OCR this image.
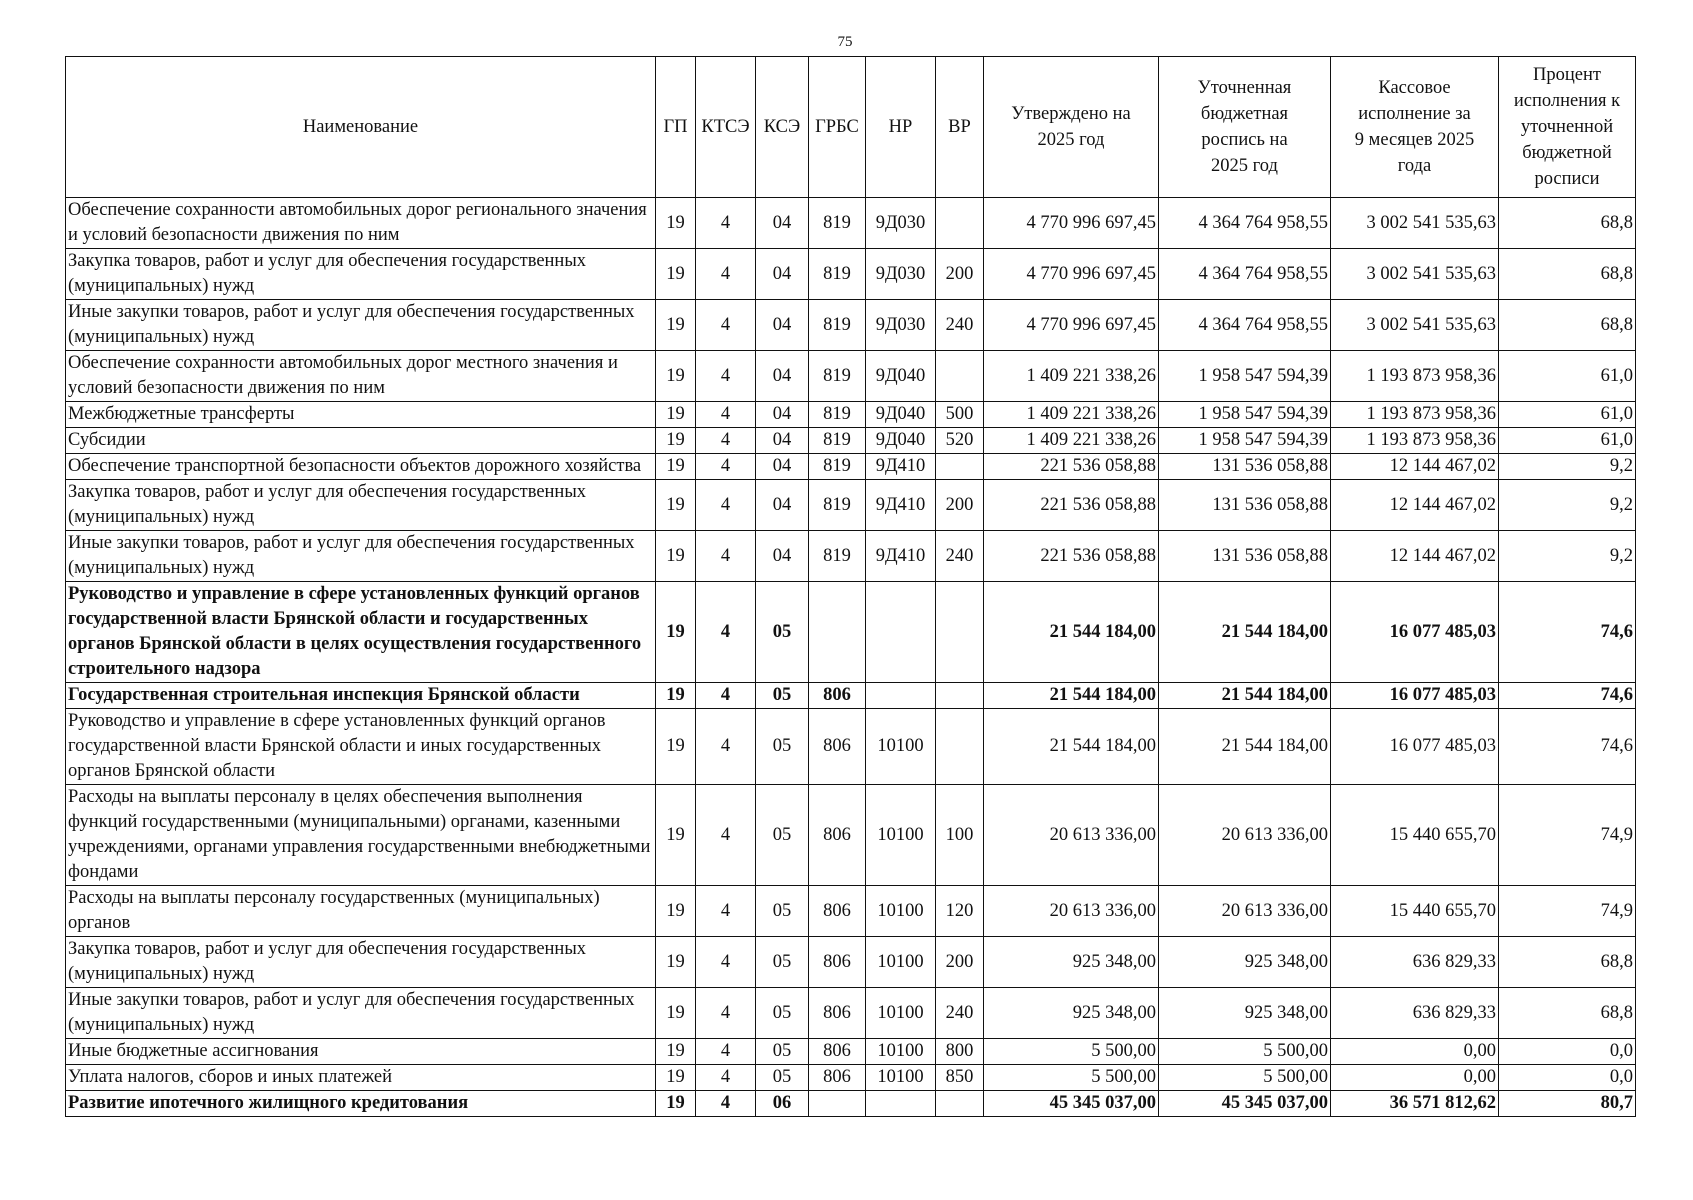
75
Наименование	ГП	КТСЭ	КСЭ	ГРБС	НР	ВР	Утверждено на 2025 год	Уточненная бюджетная роспись на 2025 год	Кассовое исполнение за 9 месяцев 2025 года	Процент исполнения к уточненной бюджетной росписи
Обеспечение сохранности автомобильных дорог регионального значения и условий безопасности движения по ним	19	4	04	819	9Д030		4 770 996 697,45	4 364 764 958,55	3 002 541 535,63	68,8
Закупка товаров, работ и услуг для обеспечения государственных (муниципальных) нужд	19	4	04	819	9Д030	200	4 770 996 697,45	4 364 764 958,55	3 002 541 535,63	68,8
Иные закупки товаров, работ и услуг для обеспечения государственных (муниципальных) нужд	19	4	04	819	9Д030	240	4 770 996 697,45	4 364 764 958,55	3 002 541 535,63	68,8
Обеспечение сохранности автомобильных дорог местного значения и условий безопасности движения по ним	19	4	04	819	9Д040		1 409 221 338,26	1 958 547 594,39	1 193 873 958,36	61,0
Межбюджетные трансферты	19	4	04	819	9Д040	500	1 409 221 338,26	1 958 547 594,39	1 193 873 958,36	61,0
Субсидии	19	4	04	819	9Д040	520	1 409 221 338,26	1 958 547 594,39	1 193 873 958,36	61,0
Обеспечение транспортной безопасности объектов дорожного хозяйства	19	4	04	819	9Д410		221 536 058,88	131 536 058,88	12 144 467,02	9,2
Закупка товаров, работ и услуг для обеспечения государственных (муниципальных) нужд	19	4	04	819	9Д410	200	221 536 058,88	131 536 058,88	12 144 467,02	9,2
Иные закупки товаров, работ и услуг для обеспечения государственных (муниципальных) нужд	19	4	04	819	9Д410	240	221 536 058,88	131 536 058,88	12 144 467,02	9,2
Руководство и управление в сфере установленных функций органов государственной власти Брянской области и государственных органов Брянской области в целях осуществления государственного строительного надзора	19	4	05				21 544 184,00	21 544 184,00	16 077 485,03	74,6
Государственная строительная инспекция Брянской области	19	4	05	806			21 544 184,00	21 544 184,00	16 077 485,03	74,6
Руководство и управление в сфере установленных функций органов государственной власти Брянской области и иных государственных органов Брянской области	19	4	05	806	10100		21 544 184,00	21 544 184,00	16 077 485,03	74,6
Расходы на выплаты персоналу в целях обеспечения выполнения функций государственными (муниципальными) органами, казенными учреждениями, органами управления государственными внебюджетными фондами	19	4	05	806	10100	100	20 613 336,00	20 613 336,00	15 440 655,70	74,9
Расходы на выплаты персоналу государственных (муниципальных) органов	19	4	05	806	10100	120	20 613 336,00	20 613 336,00	15 440 655,70	74,9
Закупка товаров, работ и услуг для обеспечения государственных (муниципальных) нужд	19	4	05	806	10100	200	925 348,00	925 348,00	636 829,33	68,8
Иные закупки товаров, работ и услуг для обеспечения государственных (муниципальных) нужд	19	4	05	806	10100	240	925 348,00	925 348,00	636 829,33	68,8
Иные бюджетные ассигнования	19	4	05	806	10100	800	5 500,00	5 500,00	0,00	0,0
Уплата налогов, сборов и иных платежей	19	4	05	806	10100	850	5 500,00	5 500,00	0,00	0,0
Развитие ипотечного жилищного кредитования	19	4	06				45 345 037,00	45 345 037,00	36 571 812,62	80,7
